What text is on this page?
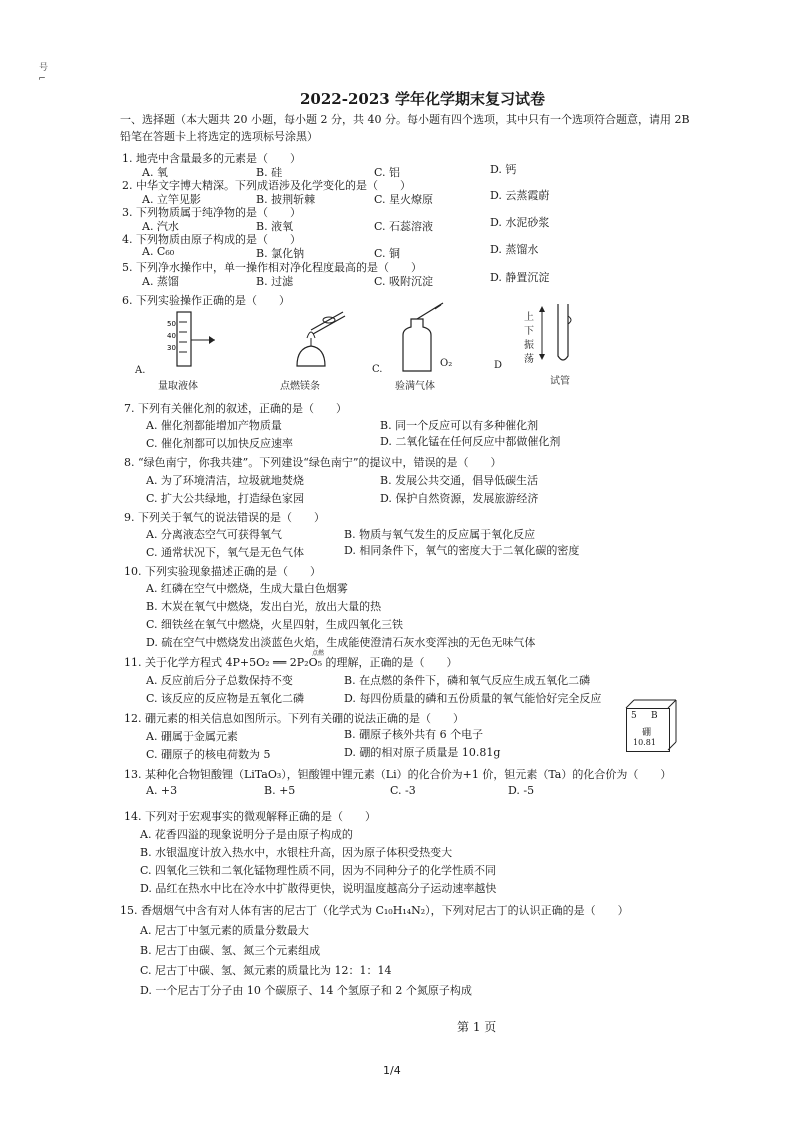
号 ⌐
2022-2023 学年化学期末复习试卷
一、选择题（本大题共 20 小题，每小题 2 分，共 40 分。每小题有四个选项，其中只有一个选项符合题意，请用 2B
铅笔在答题卡上将选定的选项标号涂黑）
1. 地壳中含量最多的元素是（　　）
A. 氧	B. 硅	C. 铝	D. 钙
2. 中华文字博大精深。下列成语涉及化学变化的是（　　）
A. 立竿见影	B. 披荆斩棘	C. 星火燎原	D. 云蒸霞蔚
3. 下列物质属于纯净物的是（　　）
A. 汽水	B. 液氧	C. 石蕊溶液	D. 水泥砂浆
4. 下列物质由原子构成的是（　　）
A. C₆₀	B. 氯化钠	C. 铜	D. 蒸馏水
5. 下列净水操作中，单一操作相对净化程度最高的是（　　）
A. 蒸馏	B. 过滤	C. 吸附沉淀	D. 静置沉淀
6. 下列实验操作正确的是（　　）
50
40
30
A.
量取液体	点燃镁条
C.
O₂
验满气体
D
上
下
振
荡
试管
7. 下列有关催化剂的叙述，正确的是（　　）
A. 催化剂都能增加产物质量	B. 同一个反应可以有多种催化剂
C. 催化剂都可以加快反应速率	D. 二氧化锰在任何反应中都做催化剂
8. “绿色南宁，你我共建”。下列建设“绿色南宁”的提议中，错误的是（　　）
A. 为了环境清洁，垃圾就地焚烧	B. 发展公共交通，倡导低碳生活
C. 扩大公共绿地，打造绿色家园	D. 保护自然资源，发展旅游经济
9. 下列关于氧气的说法错误的是（　　）
A. 分离液态空气可获得氧气	B. 物质与氧气发生的反应属于氧化反应
C. 通常状况下，氧气是无色气体	D. 相同条件下，氧气的密度大于二氧化碳的密度
10. 下列实验现象描述正确的是（　　）
A. 红磷在空气中燃烧，生成大量白色烟雾
B. 木炭在氧气中燃烧，发出白光，放出大量的热
C. 细铁丝在氧气中燃烧，火星四射，生成四氧化三铁
D. 硫在空气中燃烧发出淡蓝色火焰，生成能使澄清石灰水变浑浊的无色无味气体
11. 关于化学方程式 4P+5O₂ ══ 2P₂O₅ 的理解，正确的是（　　）
点燃
A. 反应前后分子总数保持不变	B. 在点燃的条件下，磷和氧气反应生成五氧化二磷
C. 该反应的反应物是五氧化二磷	D. 每四份质量的磷和五份质量的氧气能恰好完全反应
12. 硼元素的相关信息如图所示。下列有关硼的说法正确的是（　　）
A. 硼属于金属元素	B. 硼原子核外共有 6 个电子
C. 硼原子的核电荷数为 5	D. 硼的相对原子质量是 10.81g
5 B
硼
10.81
13. 某种化合物钽酸锂（LiTaO₃），钽酸锂中锂元素（Li）的化合价为+1 价，钽元素（Ta）的化合价为（　　）
A. +3	B. +5	C. -3	D. -5
14. 下列对于宏观事实的微观解释正确的是（　　）
A. 花香四溢的现象说明分子是由原子构成的
B. 水银温度计放入热水中，水银柱升高，因为原子体积受热变大
C. 四氧化三铁和二氧化锰物理性质不同，因为不同种分子的化学性质不同
D. 品红在热水中比在冷水中扩散得更快，说明温度越高分子运动速率越快
15. 香烟烟气中含有对人体有害的尼古丁（化学式为 C₁₀H₁₄N₂），下列对尼古丁的认识正确的是（　　）
A. 尼古丁中氢元素的质量分数最大
B. 尼古丁由碳、氢、氮三个元素组成
C. 尼古丁中碳、氢、氮元素的质量比为 12：1：14
D. 一个尼古丁分子由 10 个碳原子、14 个氢原子和 2 个氮原子构成
第 1 页
1/4
